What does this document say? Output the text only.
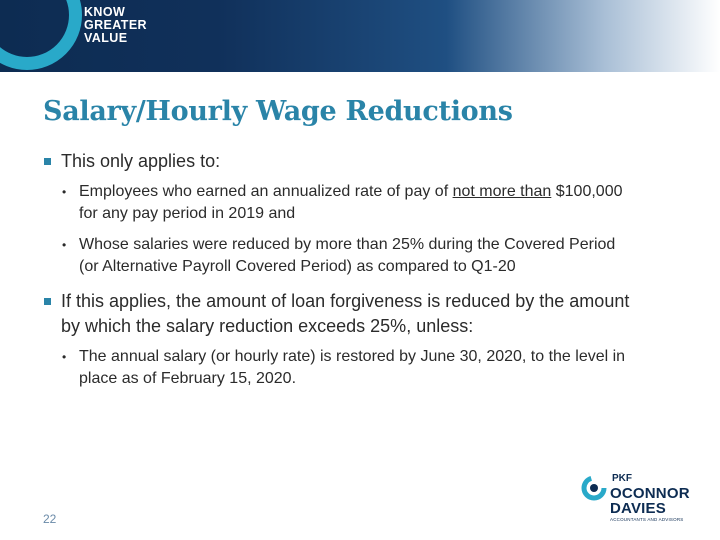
KNOW
GREATER
VALUE
Salary/Hourly Wage Reductions
This only applies to:
• Employees who earned an annualized rate of pay of not more than $100,000 for any pay period in 2019 and
• Whose salaries were reduced by more than 25% during the Covered Period (or Alternative Payroll Covered Period) as compared to Q1-20
If this applies, the amount of loan forgiveness is reduced by the amount by which the salary reduction exceeds 25%, unless:
• The annual salary (or hourly rate) is restored by June 30, 2020, to the level in place as of February 15, 2020.
22
PKF
OCONNOR
DAVIES
ACCOUNTANTS AND ADVISORS
